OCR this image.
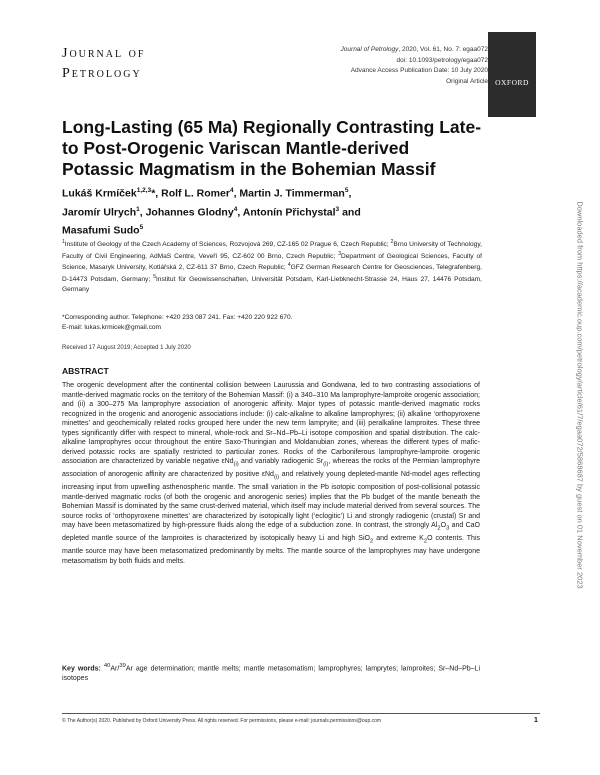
Journal of
Petrology
Journal of Petrology, 2020, Vol. 61, No. 7: egaa072
doi: 10.1093/petrology/egaa072
Advance Access Publication Date: 10 July 2020
Original Article OXFORD
Long-Lasting (65 Ma) Regionally Contrasting Late- to Post-Orogenic Variscan Mantle-derived Potassic Magmatism in the Bohemian Massif
Lukáš Krmíček$^{1,2,3}$*, Rolf L. Romer$^4$, Martin J. Timmerman$^5$,
Jaromír Ulrych$^1$, Johannes Glodny$^4$, Antonín Přichystal$^3$ and
Masafumi Sudo$^5$
$^1$Institute of Geology of the Czech Academy of Sciences, Rozvojová 269, CZ-165 02 Prague 6, Czech Republic; $^2$Brno University of Technology, Faculty of Civil Engineering, AdMaS Centre, Veveří 95, CZ-602 00 Brno, Czech Republic; $^3$Department of Geological Sciences, Faculty of Science, Masaryk University, Kotlářská 2, CZ-611 37 Brno, Czech Republic; $^4$GFZ German Research Centre for Geosciences, Telegrafenberg, D-14473 Potsdam, Germany; $^5$Institut für Geowissenschaften, Universität Potsdam, Karl-Liebknecht-Strasse 24, Haus 27, 14476 Potsdam, Germany
*Corresponding author. Telephone: +420 233 087 241. Fax: +420 220 922 670.
E-mail: lukas.krmicek@gmail.com
Received 17 August 2019; Accepted 1 July 2020
ABSTRACT

The orogenic development after the continental collision between Laurussia and Gondwana, led to two contrasting associations of mantle-derived magmatic rocks on the territory of the Bohemian Massif: (i) a 340–310 Ma lamprophyre-lamproite orogenic association; and (ii) a 300–275 Ma lamprophyre association of anorogenic affinity. Major types of potassic mantle-derived magmatic rocks recognized in the orogenic and anorogenic associations include: (i) calc-alkaline to alkaline lamprophyres; (ii) alkaline ‘orthopyroxene minettes’ and geochemically related rocks grouped here under the new term lampryite; and (iii) peralkaline lamproites. These three types significantly differ with respect to mineral, whole-rock and Sr–Nd–Pb–Li isotope composition and spatial distribution. The calc-alkaline lamprophyres occur throughout the entire Saxo-Thuringian and Moldanubian zones, whereas the different types of mafic-derived potassic rocks are spatially restricted to particular zones. Rocks of the Carboniferous lamprophyre-lamproite orogenic association are characterized by variable negative εNd$_{(i)}$ and variably radiogenic $Sr_{(i)}$, whereas the rocks of the Permian lamprophyre association of anorogenic affinity are characterized by positive εNd$_{(i)}$ and relatively young depleted-mantle Nd-model ages reflecting increasing input from upwelling asthenospheric mantle. The small variation in the Pb isotopic composition of post-collisional potassic mantle-derived magmatic rocks (of both the orogenic and anorogenic series) implies that the Pb budget of the mantle beneath the Bohemian Massif is dominated by the same crust-derived material, which itself may include material derived from several sources. The source rocks of ‘orthopyroxene minettes’ are characterized by isotopically light (‘eclogitic’) Li and strongly radiogenic (crustal) Sr and may have been metasomatized by high-pressure fluids along the edge of a subduction zone. In contrast, the strongly $Al_2O_3$ and CaO depleted mantle source of the lamproites is characterized by isotopically heavy Li and high SiO$_2$ and extreme $K_2O$ contents. This mantle source may have been metasomatized predominantly by melts. The mantle source of the lamprophyres may have undergone metasomatism by both fluids and melts.

Key words: $^{40}$Ar/$^{39}$Ar age determination; mantle melts; mantle metasomatism; lamprophyres; lamprytes; lamproites; Sr–Nd–Pb–Li isotopes
© The Author(s) 2020. Published by Oxford University Press. All rights reserved. For permissions, please e-mail: journals.permissions@oup.com	1
Downloaded from https://academic.oup.com/petrology/article/61/7/egaa072/5868687 by guest on 01 November 2023
